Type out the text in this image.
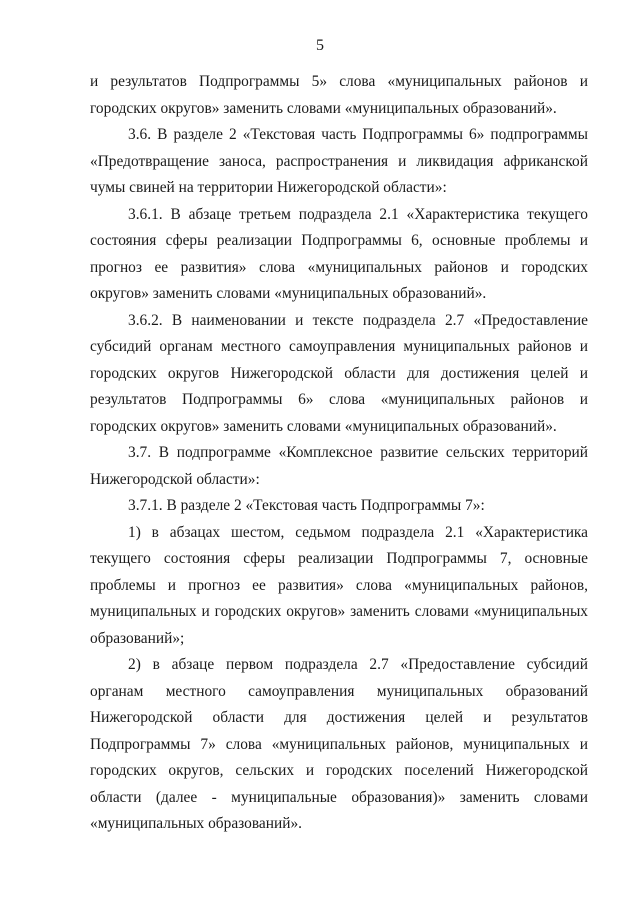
5

и результатов Подпрограммы 5» слова «муниципальных районов и городских округов» заменить словами «муниципальных образований».

3.6. В разделе 2 «Текстовая часть Подпрограммы 6» подпрограммы «Предотвращение заноса, распространения и ликвидация африканской чумы свиней на территории Нижегородской области»:

3.6.1. В абзаце третьем подраздела 2.1 «Характеристика текущего состояния сферы реализации Подпрограммы 6, основные проблемы и прогноз ее развития» слова «муниципальных районов и городских округов» заменить словами «муниципальных образований».

3.6.2. В наименовании и тексте подраздела 2.7 «Предоставление субсидий органам местного самоуправления муниципальных районов и городских округов Нижегородской области для достижения целей и результатов Подпрограммы 6» слова «муниципальных районов и городских округов» заменить словами «муниципальных образований».

3.7. В подпрограмме «Комплексное развитие сельских территорий Нижегородской области»:

3.7.1. В разделе 2 «Текстовая часть Подпрограммы 7»:

1) в абзацах шестом, седьмом подраздела 2.1 «Характеристика текущего состояния сферы реализации Подпрограммы 7, основные проблемы и прогноз ее развития» слова «муниципальных районов, муниципальных и городских округов» заменить словами «муниципальных образований»;

2) в абзаце первом подраздела 2.7 «Предоставление субсидий органам местного самоуправления муниципальных образований Нижегородской области для достижения целей и результатов Подпрограммы 7» слова «муниципальных районов, муниципальных и городских округов, сельских и городских поселений Нижегородской области (далее - муниципальные образования)» заменить словами «муниципальных образований».
